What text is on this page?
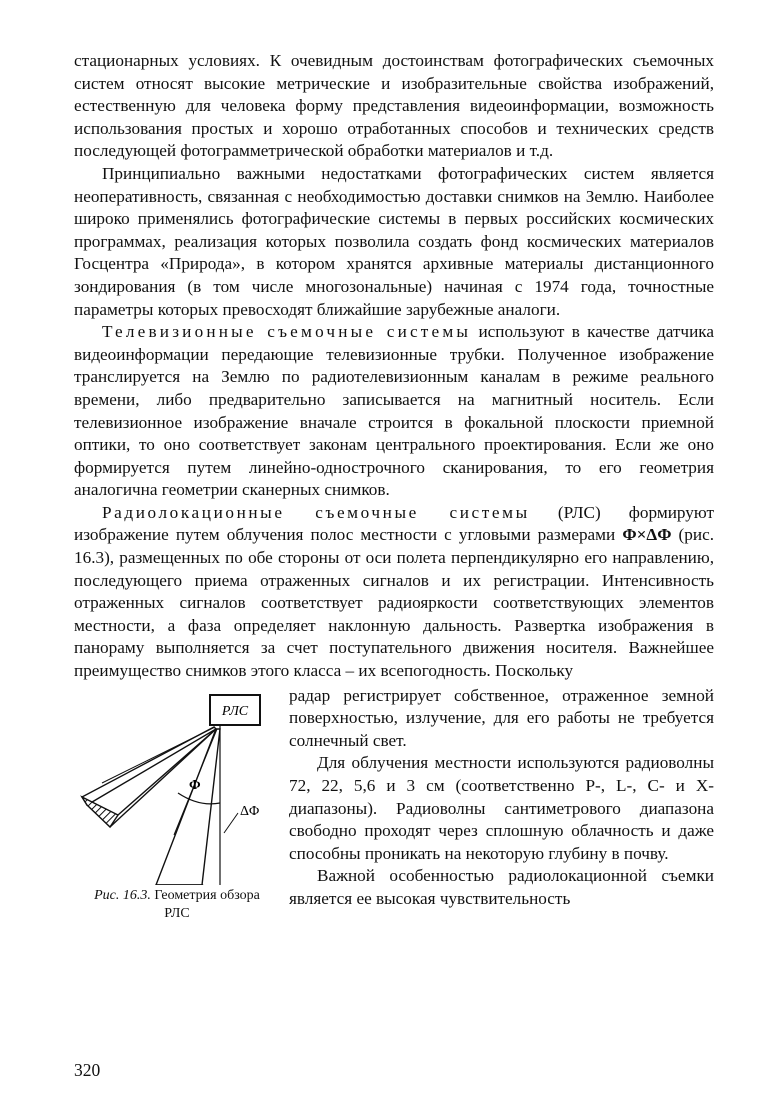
стационарных условиях. К очевидным достоинствам фотографических съемочных систем относят высокие метрические и изобразительные свойства изображений, естественную для человека форму представления видеоинформации, возможность использования простых и хорошо отработанных способов и технических средств последующей фотограмметрической обработки материалов и т.д.

Принципиально важными недостатками фотографических систем является неоперативность, связанная с необходимостью доставки снимков на Землю. Наиболее широко применялись фотографические системы в первых российских космических программах, реализация которых позволила создать фонд космических материалов Госцентра «Природа», в котором хранятся архивные материалы дистанционного зондирования (в том числе многозональные) начиная с 1974 года, точностные параметры которых превосходят ближайшие зарубежные аналоги.

Телевизионные съемочные системы используют в качестве датчика видеоинформации передающие телевизионные трубки. Полученное изображение транслируется на Землю по радиотелевизионным каналам в режиме реального времени, либо предварительно записывается на магнитный носитель. Если телевизионное изображение вначале строится в фокальной плоскости приемной оптики, то оно соответствует законам центрального проектирования. Если же оно формируется путем линейно-однострочного сканирования, то его геометрия аналогична геометрии сканерных снимков.

Радиолокационные съемочные системы (РЛС) формируют изображение путем облучения полос местности с угловыми размерами Φ×ΔΦ (рис. 16.3), размещенных по обе стороны от оси полета перпендикулярно его направлению, последующего приема отраженных сигналов и их регистрации. Интенсивность отраженных сигналов соответствует радиояркости соответствующих элементов местности, а фаза определяет наклонную дальность. Развертка изображения в панораму выполняется за счет поступательного движения носителя. Важнейшее преимущество снимков этого класса – их всепогодность. Поскольку

РЛС
Φ
ΔΦ
Рис. 16.3. Геометрия обзора РЛС

радар регистрирует собственное, отраженное земной поверхностью, излучение, для его работы не требуется солнечный свет.

Для облучения местности используются радиоволны 72, 22, 5,6 и 3 см (соответственно P-, L-, C- и X-диапазоны). Радиоволны сантиметрового диапазона свободно проходят через сплошную облачность и даже способны проникать на некоторую глубину в почву.

Важной особенностью радиолокационной съемки является ее высокая чувствительность

320
